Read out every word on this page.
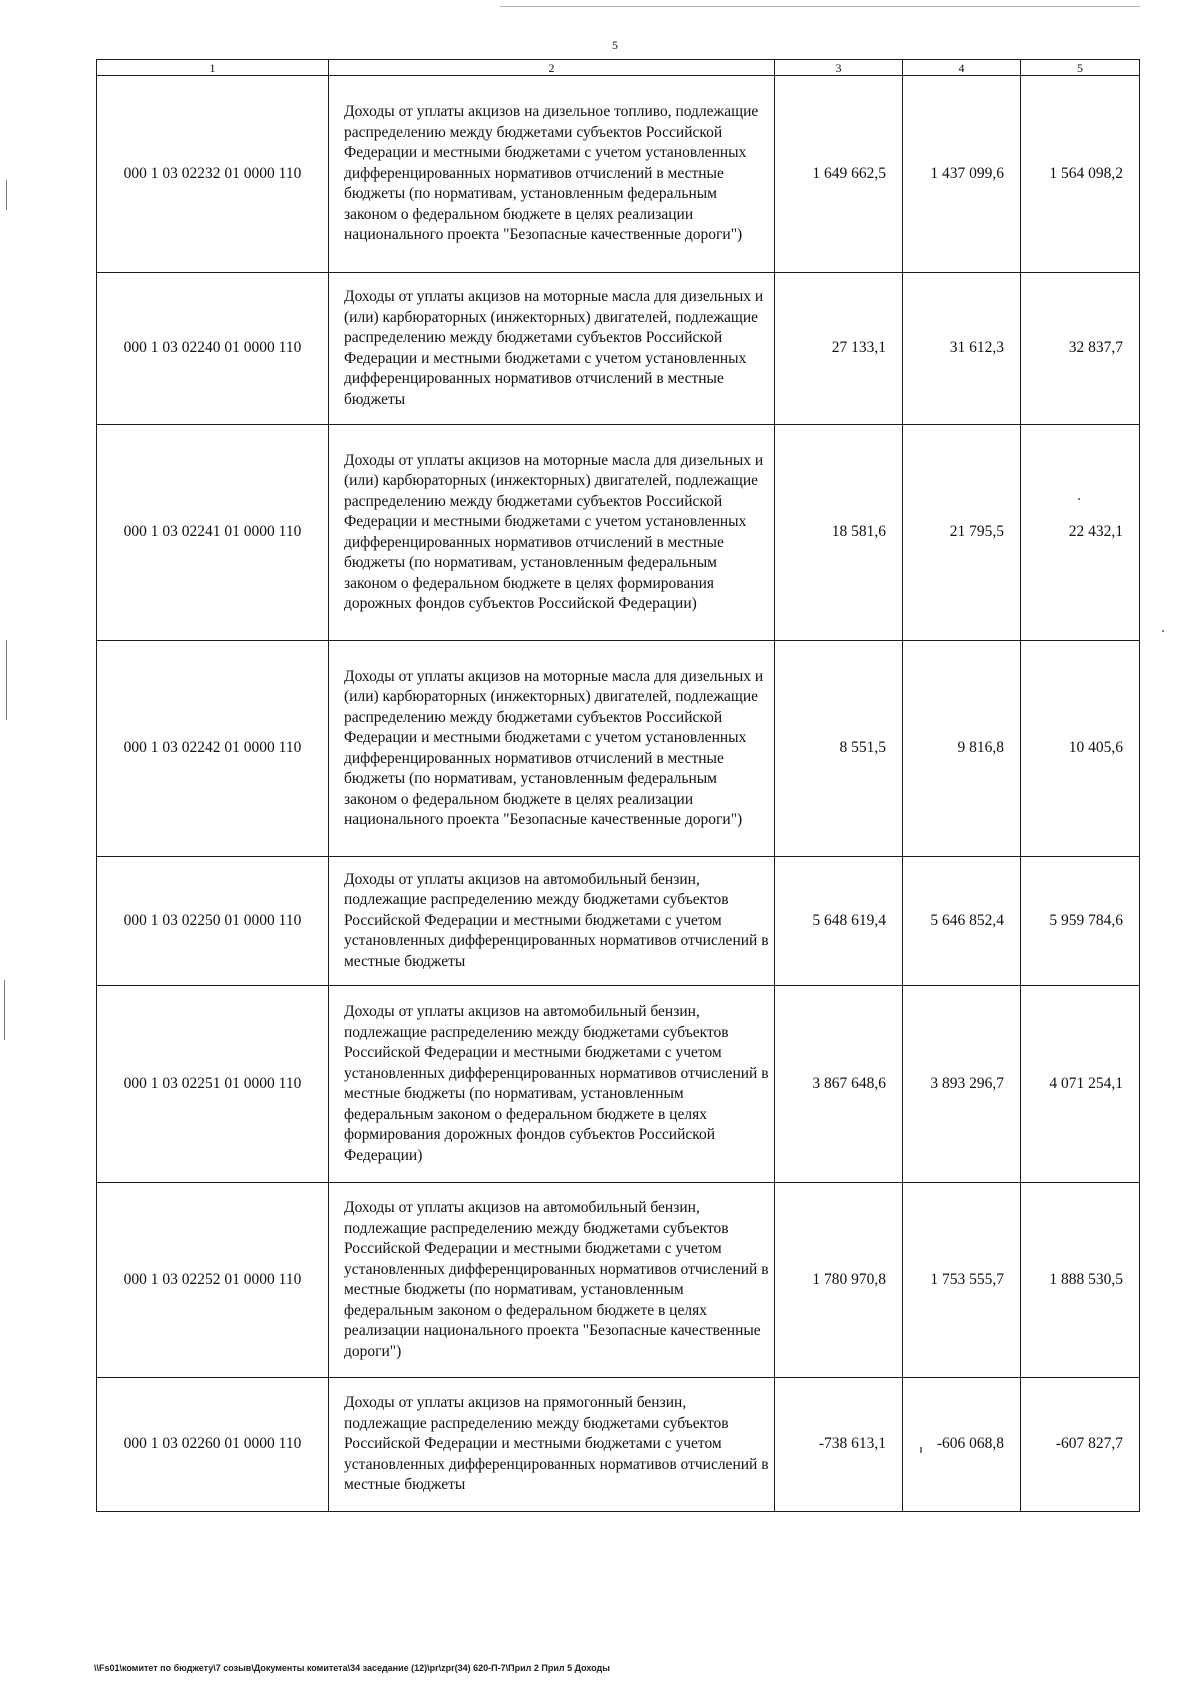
5
1	2	3	4	5
000 1 03 02232 01 0000 110	Доходы от уплаты акцизов на дизельное топливо, подлежащие распределению между бюджетами субъектов Российской Федерации и местными бюджетами с учетом установленных дифференцированных нормативов отчислений в местные бюджеты (по нормативам, установленным федеральным законом о федеральном бюджете в целях реализации национального проекта "Безопасные качественные дороги")	1 649 662,5	1 437 099,6	1 564 098,2
000 1 03 02240 01 0000 110	Доходы от уплаты акцизов на моторные масла для дизельных и (или) карбюраторных (инжекторных) двигателей, подлежащие распределению между бюджетами субъектов Российской Федерации и местными бюджетами с учетом установленных дифференцированных нормативов отчислений в местные бюджеты	27 133,1	31 612,3	32 837,7
000 1 03 02241 01 0000 110	Доходы от уплаты акцизов на моторные масла для дизельных и (или) карбюраторных (инжекторных) двигателей, подлежащие распределению между бюджетами субъектов Российской Федерации и местными бюджетами с учетом установленных дифференцированных нормативов отчислений в местные бюджеты (по нормативам, установленным федеральным законом о федеральном бюджете в целях формирования дорожных фондов субъектов Российской Федерации)	18 581,6	21 795,5	22 432,1
000 1 03 02242 01 0000 110	Доходы от уплаты акцизов на моторные масла для дизельных и (или) карбюраторных (инжекторных) двигателей, подлежащие распределению между бюджетами субъектов Российской Федерации и местными бюджетами с учетом установленных дифференцированных нормативов отчислений в местные бюджеты (по нормативам, установленным федеральным законом о федеральном бюджете в целях реализации национального проекта "Безопасные качественные дороги")	8 551,5	9 816,8	10 405,6
000 1 03 02250 01 0000 110	Доходы от уплаты акцизов на автомобильный бензин, подлежащие распределению между бюджетами субъектов Российской Федерации и местными бюджетами с учетом установленных дифференцированных нормативов отчислений в местные бюджеты	5 648 619,4	5 646 852,4	5 959 784,6
000 1 03 02251 01 0000 110	Доходы от уплаты акцизов на автомобильный бензин, подлежащие распределению между бюджетами субъектов Российской Федерации и местными бюджетами с учетом установленных дифференцированных нормативов отчислений в местные бюджеты (по нормативам, установленным федеральным законом о федеральном бюджете в целях формирования дорожных фондов субъектов Российской Федерации)	3 867 648,6	3 893 296,7	4 071 254,1
000 1 03 02252 01 0000 110	Доходы от уплаты акцизов на автомобильный бензин, подлежащие распределению между бюджетами субъектов Российской Федерации и местными бюджетами с учетом установленных дифференцированных нормативов отчислений в местные бюджеты (по нормативам, установленным федеральным законом о федеральном бюджете в целях реализации национального проекта "Безопасные качественные дороги")	1 780 970,8	1 753 555,7	1 888 530,5
000 1 03 02260 01 0000 110	Доходы от уплаты акцизов на прямогонный бензин, подлежащие распределению между бюджетами субъектов Российской Федерации и местными бюджетами с учетом установленных дифференцированных нормативов отчислений в местные бюджеты	-738 613,1	-606 068,8	-607 827,7
\\Fs01\комитет по бюджету\7 созыв\Документы комитета\34 заседание (12)\pr\zpr(34) 620-П-7\Прил 2 Прил 5 Доходы
